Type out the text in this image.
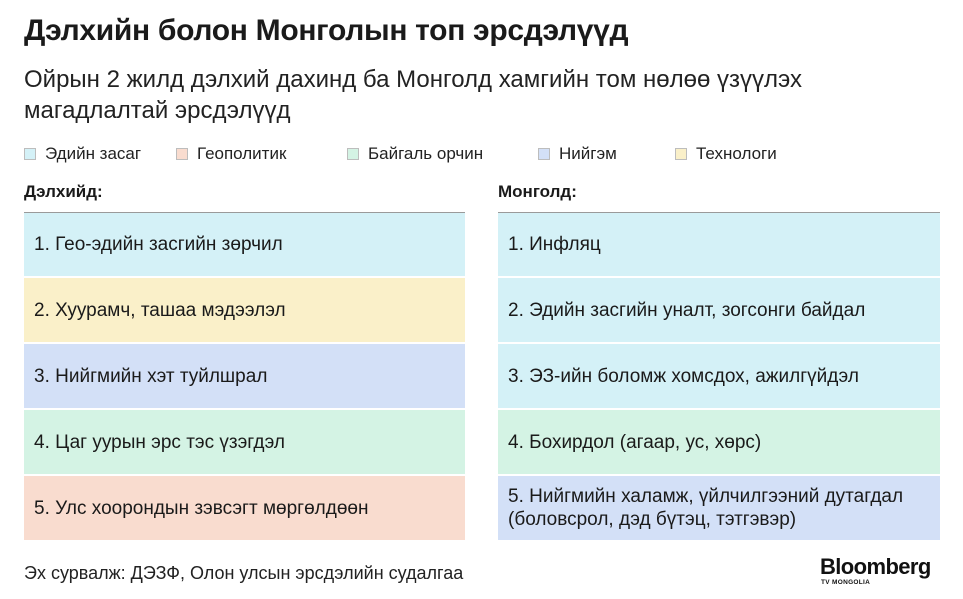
Дэлхийн болон Монголын топ эрсдэлүүд
Ойрын 2 жилд дэлхий дахинд ба Монголд хамгийн том нөлөө үзүүлэх магадлалтай эрсдэлүүд
Эдийн засаг	Геополитик	Байгаль орчин	Нийгэм	Технологи
Дэлхийд:	Монголд:
1. Гео-эдийн засгийн зөрчил
2. Хуурамч, ташаа мэдээлэл
3. Нийгмийн хэт туйлшрал
4. Цаг уурын эрс тэс үзэгдэл
5. Улс хоорондын зэвсэгт мөргөлдөөн
1. Инфляц
2. Эдийн засгийн уналт, зогсонги байдал
3. ЭЗ-ийн боломж хомсдох, ажилгүйдэл
4. Бохирдол (агаар, ус, хөрс)
5. Нийгмийн халамж, үйлчилгээний дутагдал (боловсрол, дэд бүтэц, тэтгэвэр)
Эх сурвалж: ДЭЗФ, Олон улсын эрсдэлийн судалгаа	Bloomberg
TV MONGOLIA
